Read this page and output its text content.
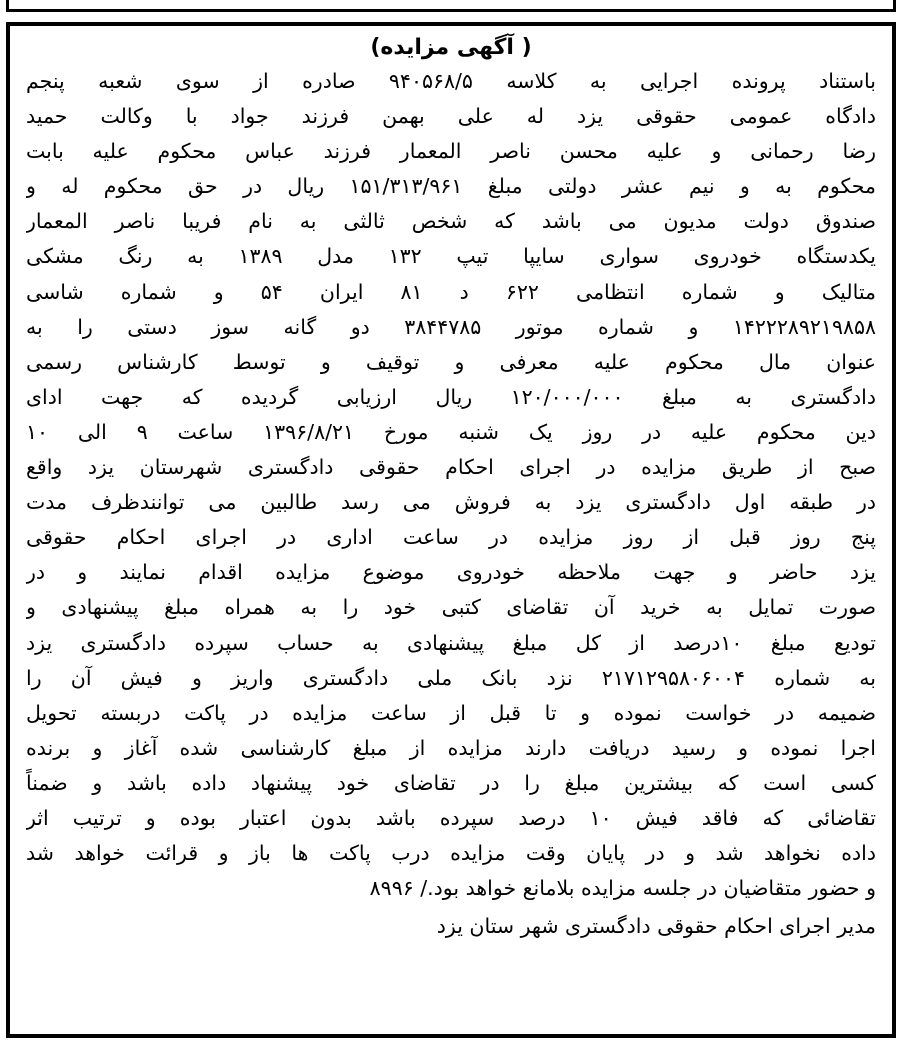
( آگهی مزایده)
باستناد پرونده اجرایی به کلاسه ۹۴۰۵۶۸/۵ صادره از سوی شعبه پنجم
دادگاه عمومی حقوقی یزد له علی بهمن فرزند جواد با وکالت حمید
رضا رحمانی و علیه محسن ناصر المعمار فرزند عباس محکوم علیه بابت
محکوم به و نیم عشر دولتی مبلغ ۱۵۱/۳۱۳/۹۶۱ ریال در حق محکوم له و
صندوق دولت مدیون می باشد که شخص ثالثی به نام فریبا ناصر المعمار
یکدستگاه خودروی سواری سایپا تیپ ۱۳۲ مدل ۱۳۸۹ به رنگ مشکی
متالیک و شماره انتظامی ۶۲۲ د ۸۱ ایران ۵۴ و شماره شاسی
۱۴۲۲۲۸۹۲۱۹۸۵۸ و شماره موتور ۳۸۴۴۷۸۵ دو گانه سوز دستی را به
عنوان مال محکوم علیه معرفی و توقیف و توسط کارشناس رسمی
دادگستری به مبلغ ۱۲۰/۰۰۰/۰۰۰ ریال ارزیابی گردیده که جهت ادای
دین محکوم علیه در روز یک شنبه مورخ ۱۳۹۶/۸/۲۱ ساعت ۹ الی ۱۰
صبح از طریق مزایده در اجرای احکام حقوقی دادگستری شهرستان یزد واقع
در طبقه اول دادگستری یزد به فروش می رسد طالبین می توانندظرف مدت
پنج روز قبل از روز مزایده در ساعت اداری در اجرای احکام حقوقی
یزد حاضر و جهت ملاحظه خودروی موضوع مزایده اقدام نمایند و در
صورت تمایل به خرید آن تقاضای کتبی خود را به همراه مبلغ پیشنهادی و
تودیع مبلغ ۱۰درصد از کل مبلغ پیشنهادی به حساب سپرده دادگستری یزد
به شماره ۲۱۷۱۲۹۵۸۰۶۰۰۴ نزد بانک ملی دادگستری واریز و فیش آن را
ضمیمه در خواست نموده و تا قبل از ساعت مزایده در پاکت دربسته تحویل
اجرا نموده و رسید دریافت دارند مزایده از مبلغ کارشناسی شده آغاز و برنده
کسی است که بیشترین مبلغ را در تقاضای خود پیشنهاد داده باشد و ضمناً
تقاضائی که فاقد فیش ۱۰ درصد سپرده باشد بدون اعتبار بوده و ترتیب اثر
داده نخواهد شد و در پایان وقت مزایده درب پاکت ها باز و قرائت خواهد شد
و حضور متقاضیان در جلسه مزایده بلامانع خواهد بود./ ۸۹۹۶
مدیر اجرای احکام حقوقی دادگستری شهر ستان یزد
